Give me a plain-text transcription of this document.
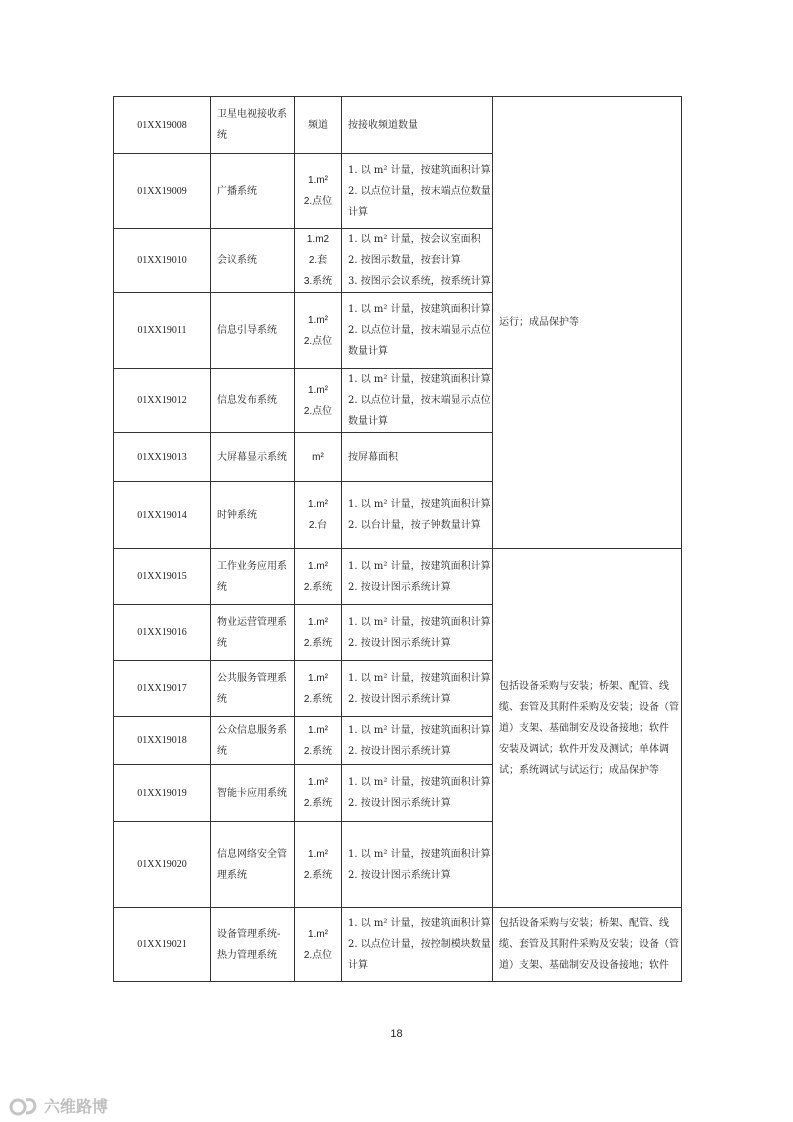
01XX19008	卫星电视接收系
统	频道	按接收频道数量	运行；成品保护等

01XX19009	广播系统	1.m²
2.点位	1. 以 m² 计量，按建筑面积计算
2. 以点位计量，按末端点位数量
计算	

01XX19010	会议系统	1.m2
2.套
3.系统	1. 以 m² 计量，按会议室面积
2. 按图示数量，按套计算
3. 按图示会议系统，按系统计算	

01XX19011	信息引导系统	1.m²
2.点位	1. 以 m² 计量，按建筑面积计算
2. 以点位计量，按末端显示点位
数量计算	

01XX19012	信息发布系统	1.m²
2.点位	1. 以 m² 计量，按建筑面积计算
2. 以点位计量，按末端显示点位
数量计算	

01XX19013	大屏幕显示系统	m²	按屏幕面积	

01XX19014	时钟系统	1.m²
2.台	1. 以 m² 计量，按建筑面积计算
2. 以台计量，按子钟数量计算	

01XX19015	工作业务应用系
统	1.m²
2.系统	1. 以 m² 计量，按建筑面积计算
2. 按设计图示系统计算	包括设备采购与安装；桥架、配管、线
缆、套管及其附件采购及安装；设备（管
道）支架、基础制安及设备接地；软件
安装及调试；软件开发及测试；单体调
试；系统调试与试运行；成品保护等

01XX19016	物业运营管理系
统	1.m²
2.系统	1. 以 m² 计量，按建筑面积计算
2. 按设计图示系统计算	

01XX19017	公共服务管理系
统	1.m²
2.系统	1. 以 m² 计量，按建筑面积计算
2. 按设计图示系统计算	

01XX19018	公众信息服务系
统	1.m²
2.系统	1. 以 m² 计量，按建筑面积计算
2. 按设计图示系统计算	

01XX19019	智能卡应用系统	1.m²
2.系统	1. 以 m² 计量，按建筑面积计算
2. 按设计图示系统计算	

01XX19020	信息网络安全管
理系统	1.m²
2.系统	1. 以 m² 计量，按建筑面积计算
2. 按设计图示系统计算	

01XX19021	设备管理系统-
热力管理系统	1.m²
2.点位	1. 以 m² 计量，按建筑面积计算
2. 以点位计量，按控制模块数量
计算	包括设备采购与安装；桥架、配管、线
缆、套管及其附件采购及安装；设备（管
道）支架、基础制安及设备接地；软件
18
六维路博
